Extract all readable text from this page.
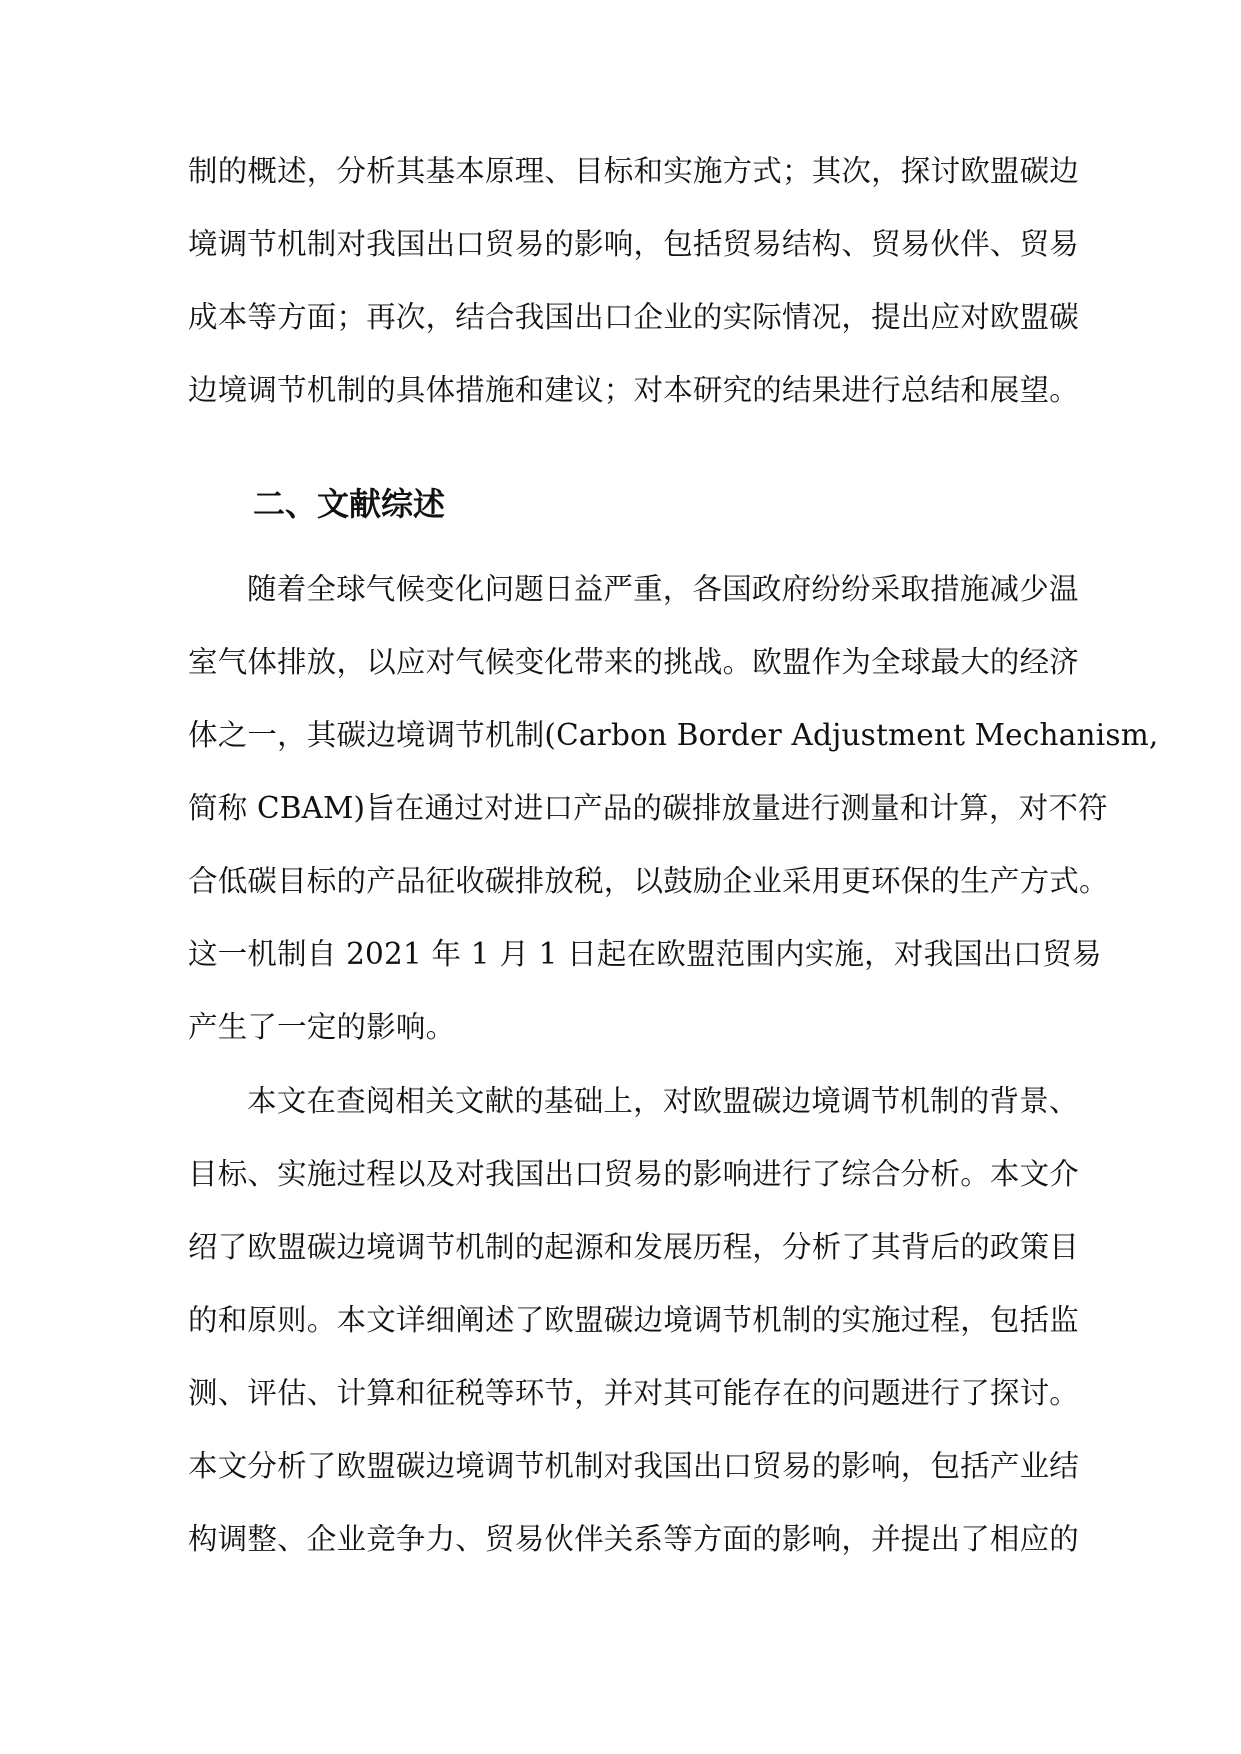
制的概述，分析其基本原理、目标和实施方式；其次，探讨欧盟碳边
境调节机制对我国出口贸易的影响，包括贸易结构、贸易伙伴、贸易
成本等方面；再次，结合我国出口企业的实际情况，提出应对欧盟碳
边境调节机制的具体措施和建议；对本研究的结果进行总结和展望。
二、文献综述
随着全球气候变化问题日益严重，各国政府纷纷采取措施减少温
室气体排放，以应对气候变化带来的挑战。欧盟作为全球最大的经济
体之一，其碳边境调节机制(Carbon Border Adjustment Mechanism,
简称 CBAM)旨在通过对进口产品的碳排放量进行测量和计算，对不符
合低碳目标的产品征收碳排放税，以鼓励企业采用更环保的生产方式。
这一机制自 2021 年 1 月 1 日起在欧盟范围内实施，对我国出口贸易
产生了一定的影响。
本文在查阅相关文献的基础上，对欧盟碳边境调节机制的背景、
目标、实施过程以及对我国出口贸易的影响进行了综合分析。本文介
绍了欧盟碳边境调节机制的起源和发展历程，分析了其背后的政策目
的和原则。本文详细阐述了欧盟碳边境调节机制的实施过程，包括监
测、评估、计算和征税等环节，并对其可能存在的问题进行了探讨。
本文分析了欧盟碳边境调节机制对我国出口贸易的影响，包括产业结
构调整、企业竞争力、贸易伙伴关系等方面的影响，并提出了相应的
